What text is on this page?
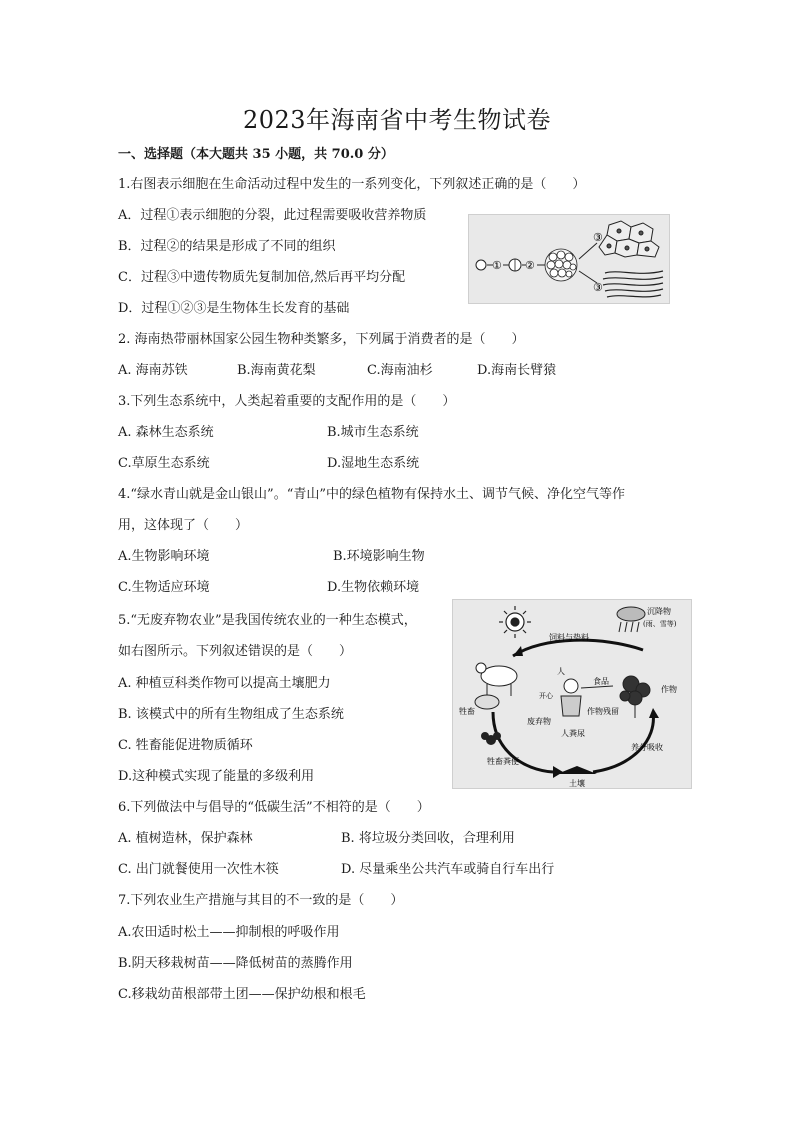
2023年海南省中考生物试卷
一、选择题（本大题共 35 小题，共 70.0 分）
1.右图表示细胞在生命活动过程中发生的一系列变化，下列叙述正确的是（　　）
A．过程①表示细胞的分裂，此过程需要吸收营养物质
B．过程②的结果是形成了不同的组织
C．过程③中遗传物质先复制加倍,然后再平均分配
D．过程①②③是生物体生长发育的基础
① ②
③
③
2. 海南热带丽林国家公园生物种类繁多，下列属于消费者的是（　　）
A. 海南苏铁	B.海南黄花梨	C.海南油杉	D.海南长臂猿
3.下列生态系统中，人类起着重要的支配作用的是（　　）
A. 森林生态系统	B.城市生态系统
C.草原生态系统	D.湿地生态系统
4.“绿水青山就是金山银山”。“青山”中的绿色植物有保持水土、调节气候、净化空气等作
用，这体现了（　　）
A.生物影响环境	B.环境影响生物
C.生物适应环境	D.生物依赖环境
5.“无废弃物农业”是我国传统农业的一种生态模式，
如右图所示。下列叙述错误的是（　　）
A. 种植豆科类作物可以提高土壤肥力
B. 该模式中的所有生物组成了生态系统
C. 牲畜能促进物质循环
D.这种模式实现了能量的多级利用
沉降物
(雨、雪等)
饲料与垫料
牲畜
人
开心
食品
作物
作物残留
废弃物
人粪尿
养分吸收
牲畜粪便
土壤
6.下列做法中与倡导的“低碳生活”不相符的是（　　）
A. 植树造林，保护森林	B. 将垃圾分类回收，合理利用
C. 出门就餐使用一次性木筷	D. 尽量乘坐公共汽车或骑自行车出行
7.下列农业生产措施与其目的不一致的是（　　）
A.农田适时松土——抑制根的呼吸作用
B.阴天移栽树苗——降低树苗的蒸腾作用
C.移栽幼苗根部带土团——保护幼根和根毛
